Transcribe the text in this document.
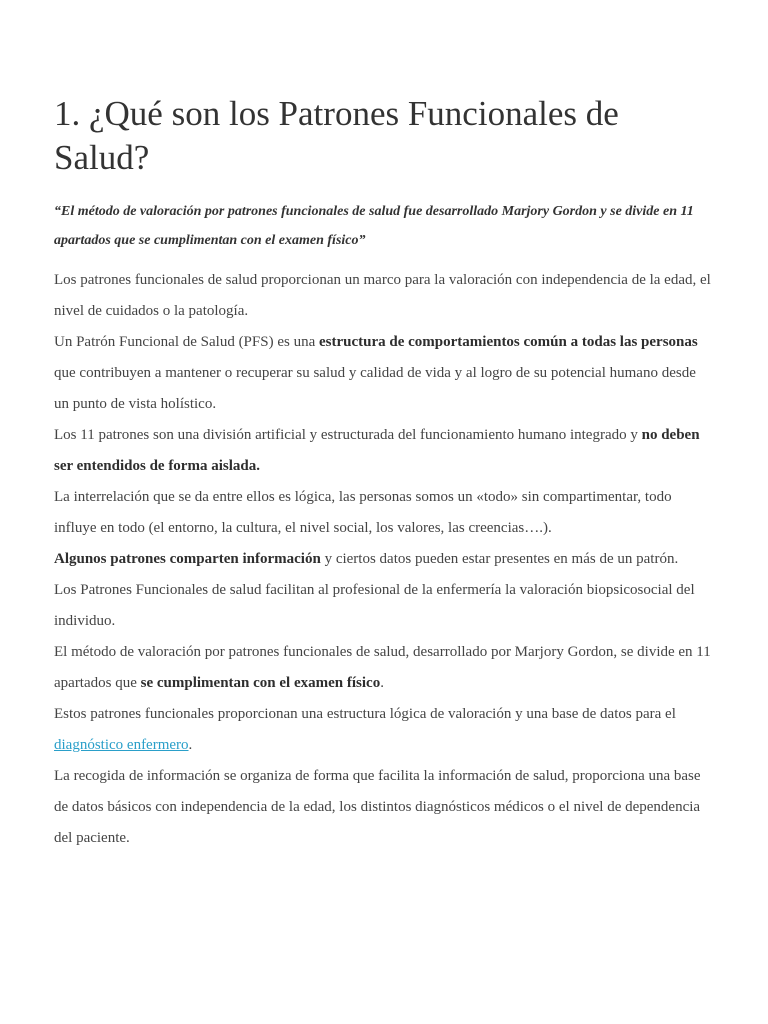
1. ¿Qué son los Patrones Funcionales de Salud?

“El método de valoración por patrones funcionales de salud fue desarrollado Marjory Gordon y se divide en 11 apartados que se cumplimentan con el examen físico”

Los patrones funcionales de salud proporcionan un marco para la valoración con independencia de la edad, el nivel de cuidados o la patología.

Un Patrón Funcional de Salud (PFS) es una estructura de comportamientos común a todas las personas que contribuyen a mantener o recuperar su salud y calidad de vida y al logro de su potencial humano desde un punto de vista holístico.

Los 11 patrones son una división artificial y estructurada del funcionamiento humano integrado y no deben ser entendidos de forma aislada.

La interrelación que se da entre ellos es lógica, las personas somos un «todo» sin compartimentar, todo influye en todo (el entorno, la cultura, el nivel social, los valores, las creencias….).

Algunos patrones comparten información y ciertos datos pueden estar presentes en más de un patrón.

Los Patrones Funcionales de salud facilitan al profesional de la enfermería la valoración biopsicosocial del individuo.

El método de valoración por patrones funcionales de salud, desarrollado por Marjory Gordon, se divide en 11 apartados que se cumplimentan con el examen físico.

Estos patrones funcionales proporcionan una estructura lógica de valoración y una base de datos para el diagnóstico enfermero.

La recogida de información se organiza de forma que facilita la información de salud, proporciona una base de datos básicos con independencia de la edad, los distintos diagnósticos médicos o el nivel de dependencia del paciente.
